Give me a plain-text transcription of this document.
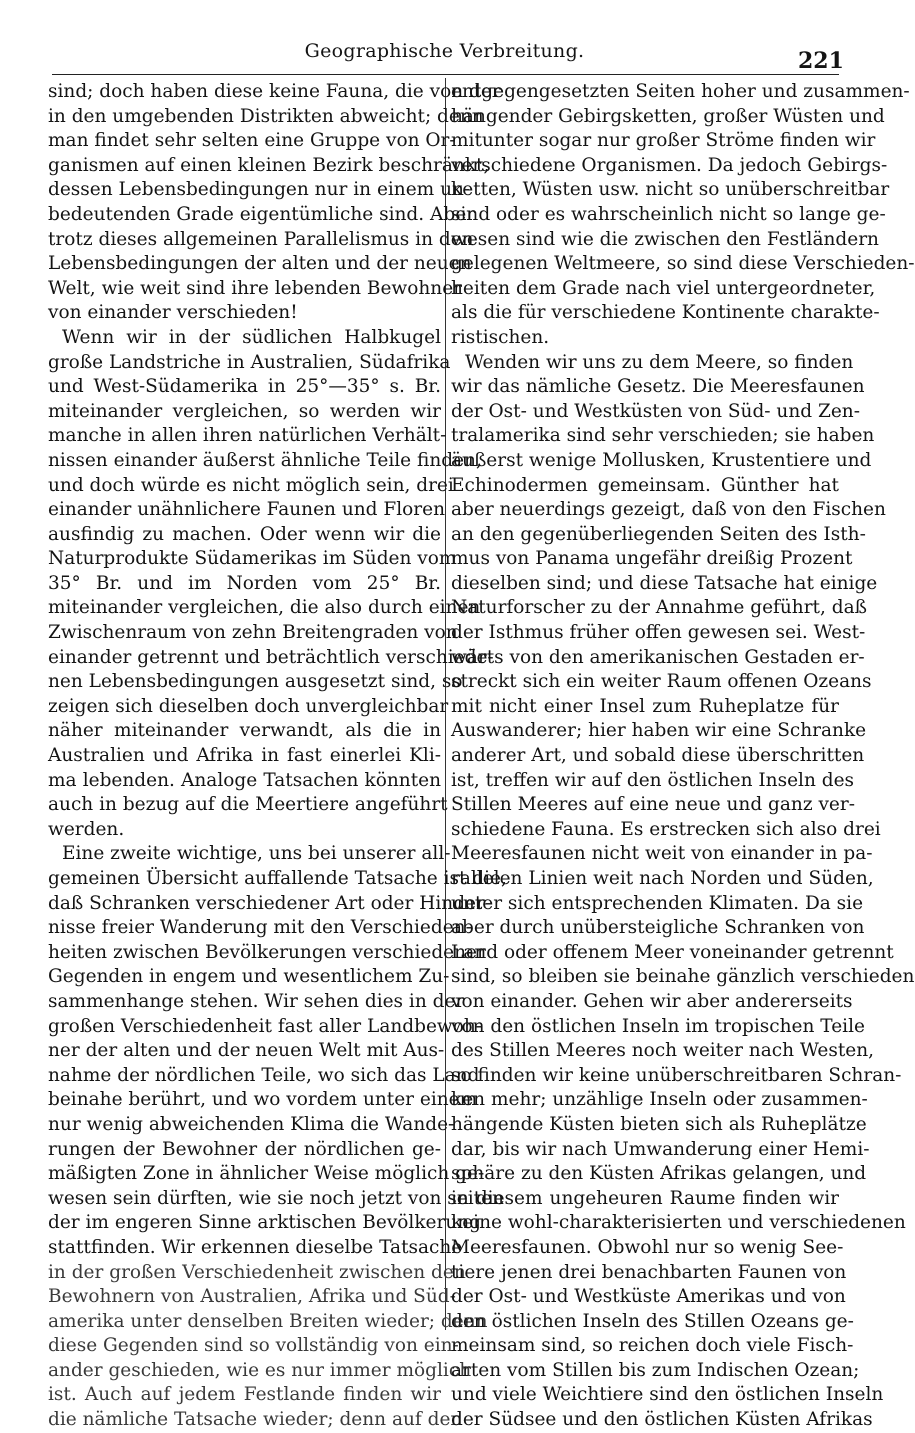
Geographische Verbreitung.	221
sind; doch haben diese keine Fauna, die von der
in den umgebenden Distrikten abweicht; denn
man findet sehr selten eine Gruppe von Or-
ganismen auf einen kleinen Bezirk beschränkt,
dessen Lebensbedingungen nur in einem un-
bedeutenden Grade eigentümliche sind. Aber
trotz dieses allgemeinen Parallelismus in den
Lebensbedingungen der alten und der neuen
Welt, wie weit sind ihre lebenden Bewohner
von einander verschieden!
Wenn wir in der südlichen Halbkugel
große Landstriche in Australien, Südafrika
und West-Südamerika in 25°—35° s. Br.
miteinander vergleichen, so werden wir
manche in allen ihren natürlichen Verhält-
nissen einander äußerst ähnliche Teile finden,
und doch würde es nicht möglich sein, drei
einander unähnlichere Faunen und Floren
ausfindig zu machen. Oder wenn wir die
Naturprodukte Südamerikas im Süden vom
35° Br. und im Norden vom 25° Br.
miteinander vergleichen, die also durch einen
Zwischenraum von zehn Breitengraden von
einander getrennt und beträchtlich verschiede-
nen Lebensbedingungen ausgesetzt sind, so
zeigen sich dieselben doch unvergleichbar
näher miteinander verwandt, als die in
Australien und Afrika in fast einerlei Kli-
ma lebenden. Analoge Tatsachen könnten
auch in bezug auf die Meertiere angeführt
werden.
Eine zweite wichtige, uns bei unserer all-
gemeinen Übersicht auffallende Tatsache ist die,
daß Schranken verschiedener Art oder Hinder-
nisse freier Wanderung mit den Verschieden-
heiten zwischen Bevölkerungen verschiedener
Gegenden in engem und wesentlichem Zu-
sammenhange stehen. Wir sehen dies in der
großen Verschiedenheit fast aller Landbewoh-
ner der alten und der neuen Welt mit Aus-
nahme der nördlichen Teile, wo sich das Land
beinahe berührt, und wo vordem unter einem
nur wenig abweichenden Klima die Wande-
rungen der Bewohner der nördlichen ge-
mäßigten Zone in ähnlicher Weise möglich ge-
wesen sein dürften, wie sie noch jetzt von seiten
der im engeren Sinne arktischen Bevölkerung
stattfinden. Wir erkennen dieselbe Tatsache
in der großen Verschiedenheit zwischen den
Bewohnern von Australien, Afrika und Süd-
amerika unter denselben Breiten wieder; denn
diese Gegenden sind so vollständig von ein-
ander geschieden, wie es nur immer möglich
ist. Auch auf jedem Festlande finden wir
die nämliche Tatsache wieder; denn auf den
entgegengesetzten Seiten hoher und zusammen-
hängender Gebirgsketten, großer Wüsten und
mitunter sogar nur großer Ströme finden wir
verschiedene Organismen. Da jedoch Gebirgs-
ketten, Wüsten usw. nicht so unüberschreitbar
sind oder es wahrscheinlich nicht so lange ge-
wesen sind wie die zwischen den Festländern
gelegenen Weltmeere, so sind diese Verschieden-
heiten dem Grade nach viel untergeordneter,
als die für verschiedene Kontinente charakte-
ristischen.
Wenden wir uns zu dem Meere, so finden
wir das nämliche Gesetz. Die Meeresfaunen
der Ost- und Westküsten von Süd- und Zen-
tralamerika sind sehr verschieden; sie haben
äußerst wenige Mollusken, Krustentiere und
Echinodermen gemeinsam. Günther hat
aber neuerdings gezeigt, daß von den Fischen
an den gegenüberliegenden Seiten des Isth-
mus von Panama ungefähr dreißig Prozent
dieselben sind; und diese Tatsache hat einige
Naturforscher zu der Annahme geführt, daß
der Isthmus früher offen gewesen sei. West-
wärts von den amerikanischen Gestaden er-
streckt sich ein weiter Raum offenen Ozeans
mit nicht einer Insel zum Ruheplatze für
Auswanderer; hier haben wir eine Schranke
anderer Art, und sobald diese überschritten
ist, treffen wir auf den östlichen Inseln des
Stillen Meeres auf eine neue und ganz ver-
schiedene Fauna. Es erstrecken sich also drei
Meeresfaunen nicht weit von einander in pa-
rallelen Linien weit nach Norden und Süden,
unter sich entsprechenden Klimaten. Da sie
aber durch unübersteigliche Schranken von
Land oder offenem Meer voneinander getrennt
sind, so bleiben sie beinahe gänzlich verschieden
von einander. Gehen wir aber andererseits
von den östlichen Inseln im tropischen Teile
des Stillen Meeres noch weiter nach Westen,
so finden wir keine unüberschreitbaren Schran-
ken mehr; unzählige Inseln oder zusammen-
hängende Küsten bieten sich als Ruheplätze
dar, bis wir nach Umwanderung einer Hemi-
sphäre zu den Küsten Afrikas gelangen, und
in diesem ungeheuren Raume finden wir
keine wohl-charakterisierten und verschiedenen
Meeresfaunen. Obwohl nur so wenig See-
tiere jenen drei benachbarten Faunen von
der Ost- und Westküste Amerikas und von
den östlichen Inseln des Stillen Ozeans ge-
meinsam sind, so reichen doch viele Fisch-
arten vom Stillen bis zum Indischen Ozean;
und viele Weichtiere sind den östlichen Inseln
der Südsee und den östlichen Küsten Afrikas
